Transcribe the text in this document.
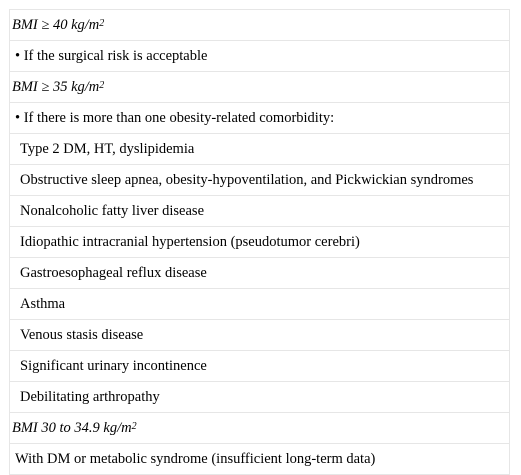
BMI ≥ 40 $kg/m^2$
• If the surgical risk is acceptable
BMI ≥ 35 $kg/m^2$
• If there is more than one obesity-related comorbidity:
Type 2 DM, HT, dyslipidemia
Obstructive sleep apnea, obesity-hypoventilation, and Pickwickian syndromes
Nonalcoholic fatty liver disease
Idiopathic intracranial hypertension (pseudotumor cerebri)
Gastroesophageal reflux disease
Asthma
Venous stasis disease
Significant urinary incontinence
Debilitating arthropathy
BMI 30 to 34.9 $kg/m^2$
With DM or metabolic syndrome (insufficient long-term data)
